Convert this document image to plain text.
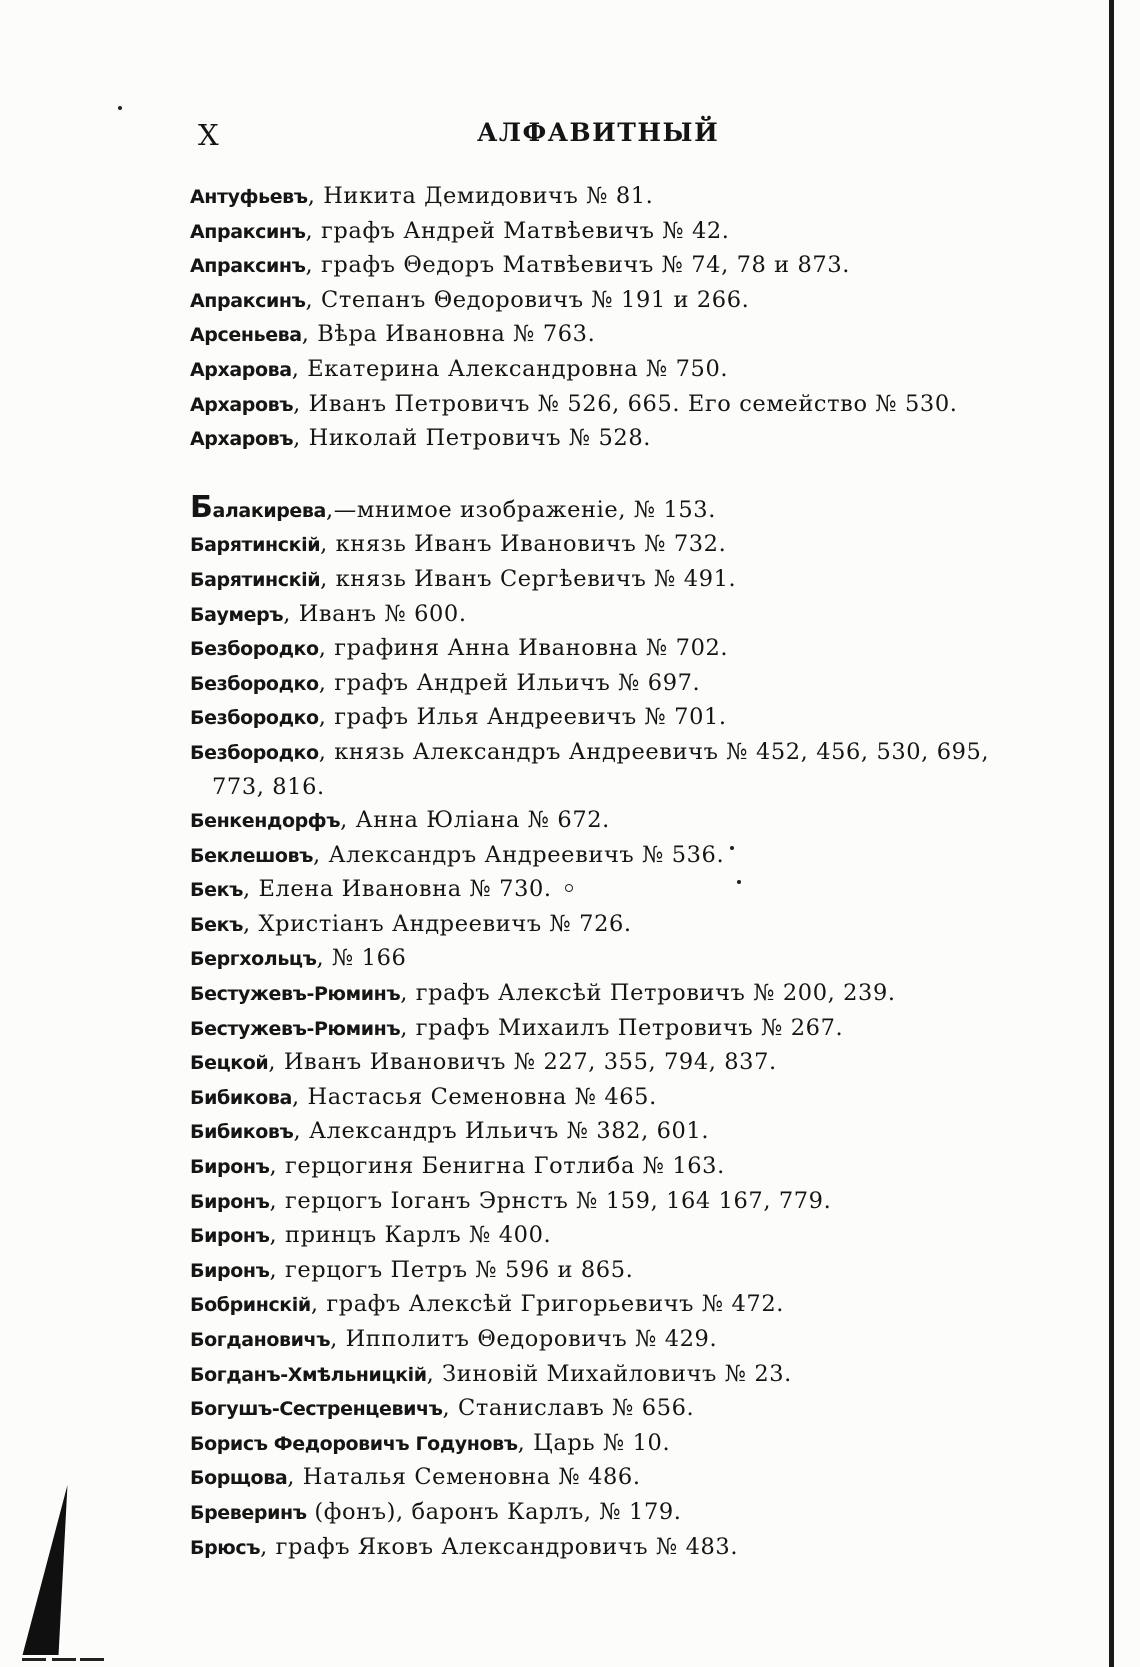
X	АЛФАВИТНЫЙ
Антуфьевъ, Никита Демидовичъ № 81.
Апраксинъ, графъ Андрей Матвѣевичъ № 42.
Апраксинъ, графъ Θедоръ Матвѣевичъ № 74, 78 и 873.
Апраксинъ, Степанъ Θедоровичъ № 191 и 266.
Арсеньева, Вѣра Ивановна № 763.
Архарова, Екатерина Александровна № 750.
Архаровъ, Иванъ Петровичъ № 526, 665. Его семейство № 530.
Архаровъ, Николай Петровичъ № 528.
Балакирева,—мнимое изображеніе, № 153.
Барятинскій, князь Иванъ Ивановичъ № 732.
Барятинскій, князь Иванъ Сергѣевичъ № 491.
Баумеръ, Иванъ № 600.
Безбородко, графиня Анна Ивановна № 702.
Безбородко, графъ Андрей Ильичъ № 697.
Безбородко, графъ Илья Андреевичъ № 701.
Безбородко, князь Александръ Андреевичъ № 452, 456, 530, 695,
773, 816.
Бенкендорфъ, Анна Юліана № 672.
Беклешовъ, Александръ Андреевичъ № 536.
Бекъ, Елена Ивановна № 730.
Бекъ, Христіанъ Андреевичъ № 726.
Бергхольцъ, № 166
Бестужевъ-Рюминъ, графъ Алексѣй Петровичъ № 200, 239.
Бестужевъ-Рюминъ, графъ Михаилъ Петровичъ № 267.
Бецкой, Иванъ Ивановичъ № 227, 355, 794, 837.
Бибикова, Настасья Семеновна № 465.
Бибиковъ, Александръ Ильичъ № 382, 601.
Биронъ, герцогиня Бенигна Готлиба № 163.
Биронъ, герцогъ Іоганъ Эрнстъ № 159, 164 167, 779.
Биронъ, принцъ Карлъ № 400.
Биронъ, герцогъ Петръ № 596 и 865.
Бобринскій, графъ Алексѣй Григорьевичъ № 472.
Богдановичъ, Ипполитъ Θедоровичъ № 429.
Богданъ-Хмѣльницкій, Зиновій Михайловичъ № 23.
Богушъ-Сестренцевичъ, Станиславъ № 656.
Борисъ Федоровичъ Годуновъ, Царь № 10.
Борщова, Наталья Семеновна № 486.
Бреверинъ (фонъ), баронъ Карлъ, № 179.
Брюсъ, графъ Яковъ Александровичъ № 483.
